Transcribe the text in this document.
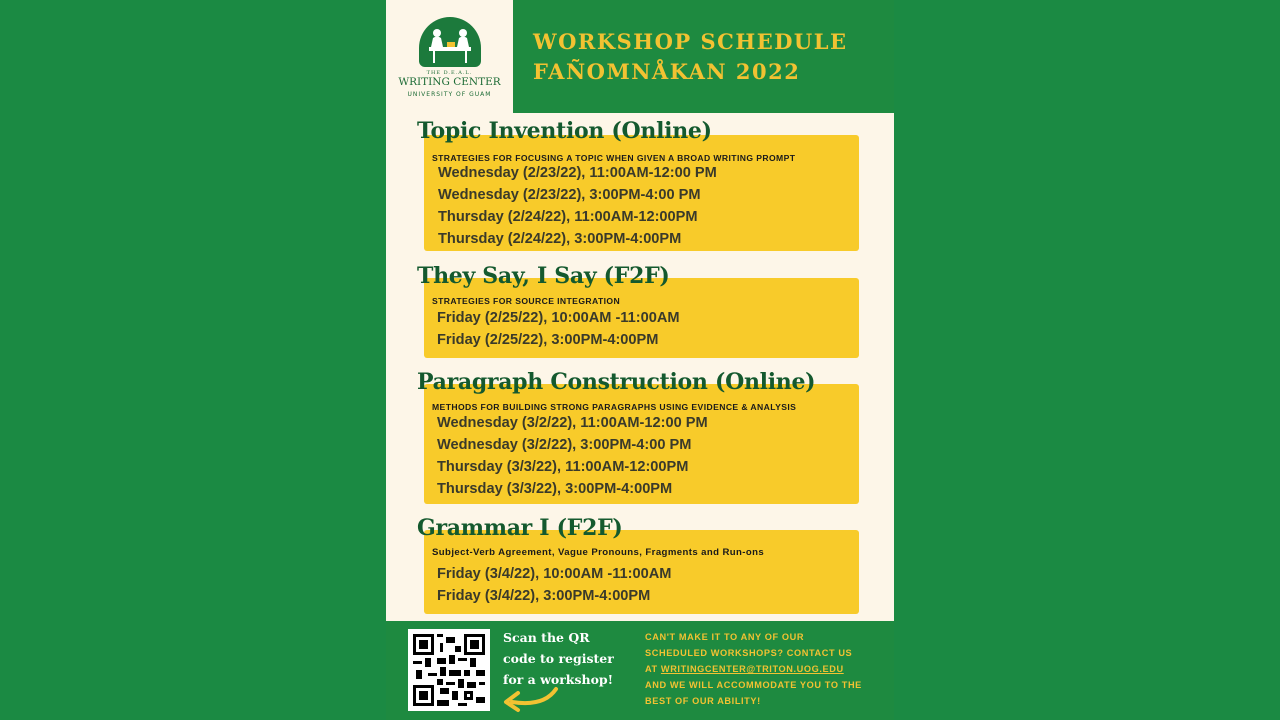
THE D.E.A.L.
WRITING CENTER
UNIVERSITY OF GUAM
WORKSHOP SCHEDULE
FAÑOMNÅKAN 2022
Topic Invention (Online)
STRATEGIES FOR FOCUSING A TOPIC WHEN GIVEN A BROAD WRITING PROMPT
Wednesday (2/23/22), 11:00AM-12:00 PM
Wednesday (2/23/22), 3:00PM-4:00 PM
Thursday (2/24/22), 11:00AM-12:00PM
Thursday (2/24/22), 3:00PM-4:00PM
They Say, I Say (F2F)
STRATEGIES FOR SOURCE INTEGRATION
Friday (2/25/22), 10:00AM -11:00AM
Friday (2/25/22), 3:00PM-4:00PM
Paragraph Construction (Online)
METHODS FOR BUILDING STRONG PARAGRAPHS USING EVIDENCE & ANALYSIS
Wednesday (3/2/22), 11:00AM-12:00 PM
Wednesday (3/2/22), 3:00PM-4:00 PM
Thursday (3/3/22), 11:00AM-12:00PM
Thursday (3/3/22), 3:00PM-4:00PM
Grammar I (F2F)
Subject-Verb Agreement, Vague Pronouns, Fragments and Run-ons
Friday (3/4/22), 10:00AM -11:00AM
Friday (3/4/22), 3:00PM-4:00PM
Scan the QR
code to register
for a workshop!
CAN'T MAKE IT TO ANY OF OUR
SCHEDULED WORKSHOPS? CONTACT US
AT WRITINGCENTER@TRITON.UOG.EDU
AND WE WILL ACCOMMODATE YOU TO THE
BEST OF OUR ABILITY!
